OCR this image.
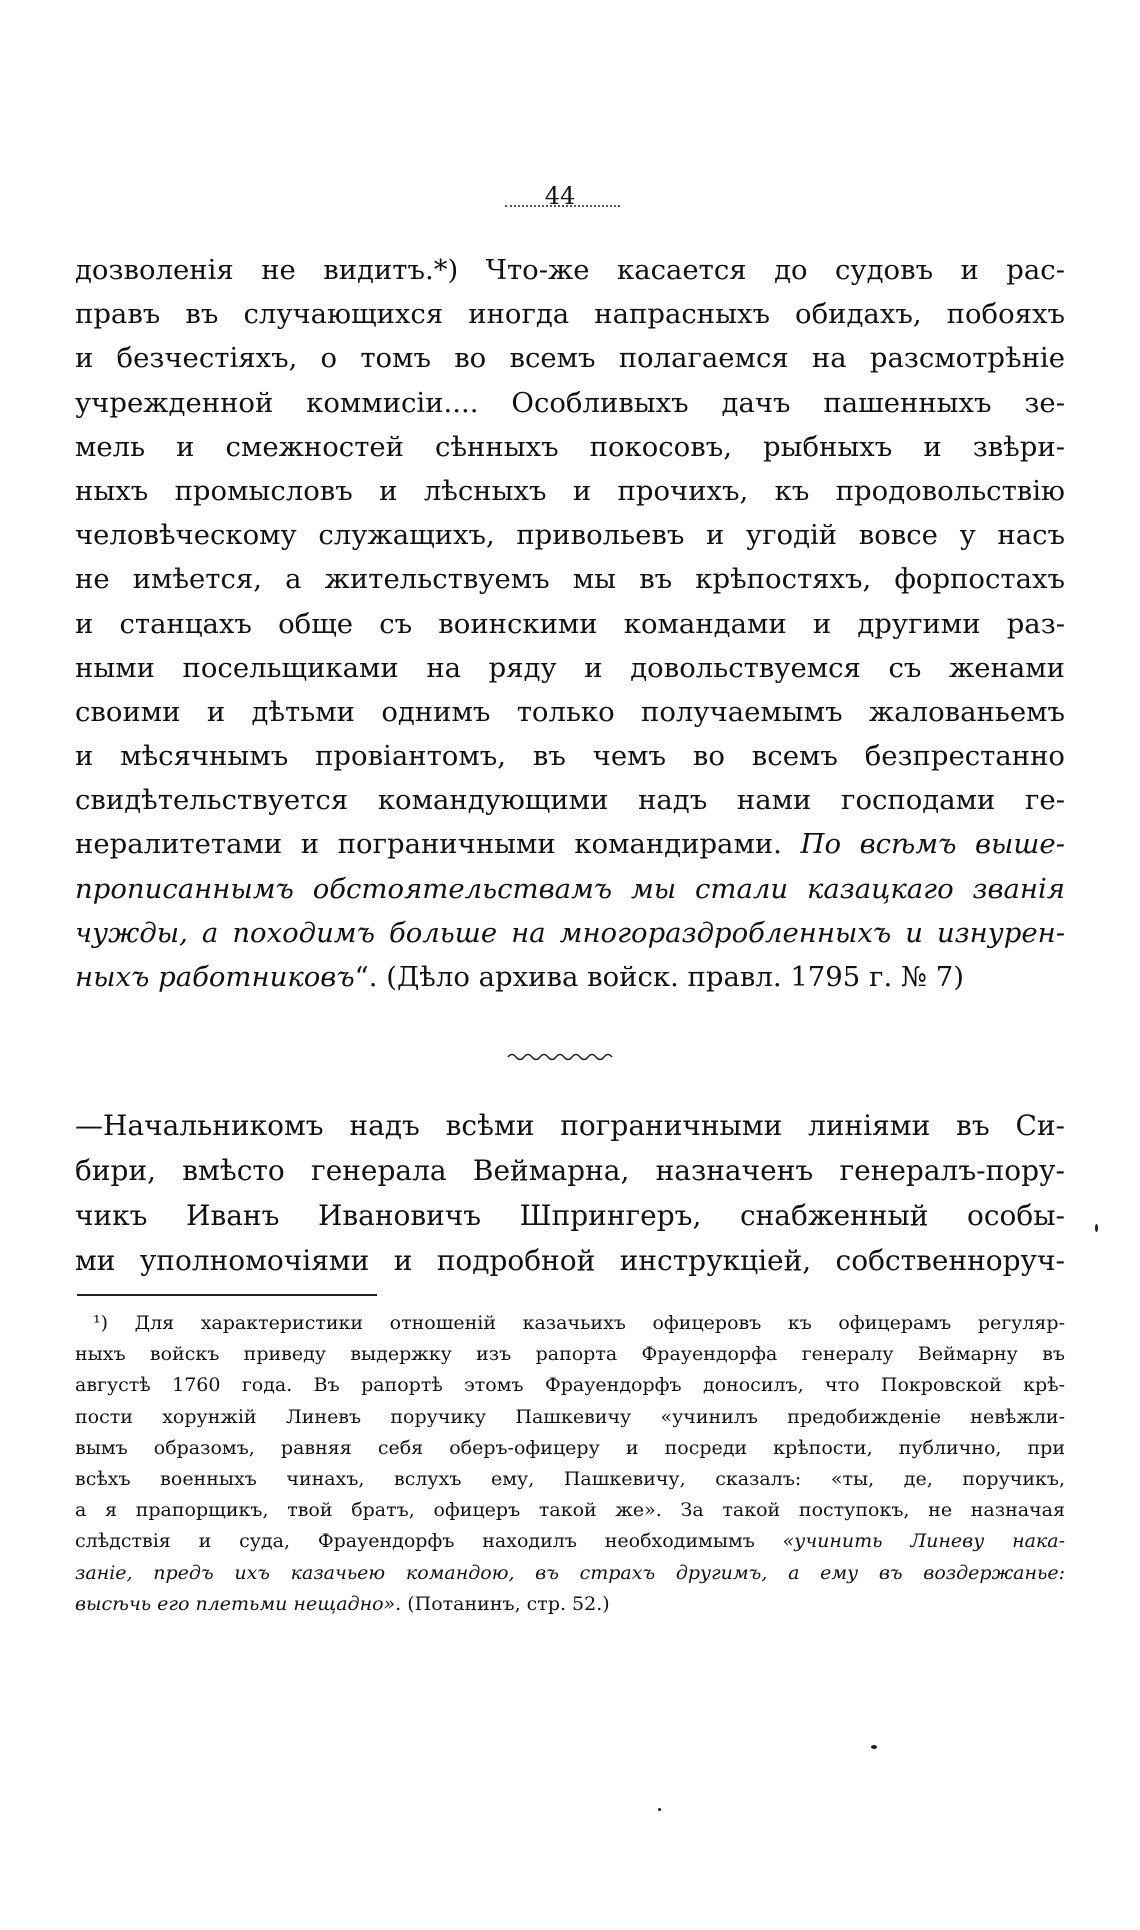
44
дозволенія не видитъ.*) Что-же касается до судовъ и рас-
правъ въ случающихся иногда напрасныхъ обидахъ, побояхъ
и безчестіяхъ, о томъ во всемъ полагаемся на разсмотрѣніе
учрежденной коммисіи.... Особливыхъ дачъ пашенныхъ зе-
мель и смежностей сѣнныхъ покосовъ, рыбныхъ и звѣри-
ныхъ промысловъ и лѣсныхъ и прочихъ, къ продовольствію
человѣческому служащихъ, привольевъ и угодій вовсе у насъ
не имѣется, а жительствуемъ мы въ крѣпостяхъ, форпостахъ
и станцахъ обще съ воинскими командами и другими раз-
ными посельщиками на ряду и довольствуемся съ женами
своими и дѣтьми однимъ только получаемымъ жалованьемъ
и мѣсячнымъ провіантомъ, въ чемъ во всемъ безпрестанно
свидѣтельствуется командующими надъ нами господами ге-
нералитетами и пограничными командирами. По всѣмъ выше-
прописаннымъ обстоятельствамъ мы стали казацкаго званія
чужды, а походимъ больше на многораздробленныхъ и изнурен-
ныхъ работниковъ“. (Дѣло архива войск. правл. 1795 г. № 7)
—Начальникомъ надъ всѣми пограничными линіями въ Си-
бири, вмѣсто генерала Веймарна, назначенъ генералъ-пору-
чикъ Иванъ Ивановичъ Шпрингеръ, снабженный особы-
ми уполномочіями и подробной инструкціей, собственноруч-
¹) Для характеристики отношеній казачьихъ офицеровъ къ офицерамъ регуляр-
ныхъ войскъ приведу выдержку изъ рапорта Фрауендорфа генералу Веймарну въ
августѣ 1760 года. Въ рапортѣ этомъ Фрауендорфъ доносилъ, что Покровской крѣ-
пости хорунжій Линевъ поручику Пашкевичу «учинилъ предобижденіе невѣжли-
вымъ образомъ, равняя себя оберъ-офицеру и посреди крѣпости, публично, при
всѣхъ военныхъ чинахъ, вслухъ ему, Пашкевичу, сказалъ: «ты, де, поручикъ,
а я прапорщикъ, твой братъ, офицеръ такой же». За такой поступокъ, не назначая
слѣдствія и суда, Фрауендорфъ находилъ необходимымъ «учинить Линеву нака-
заніе, предъ ихъ казачьею командою, въ страхъ другимъ, а ему въ воздержанье:
высѣчь его плетьми нещадно». (Потанинъ, стр. 52.)
